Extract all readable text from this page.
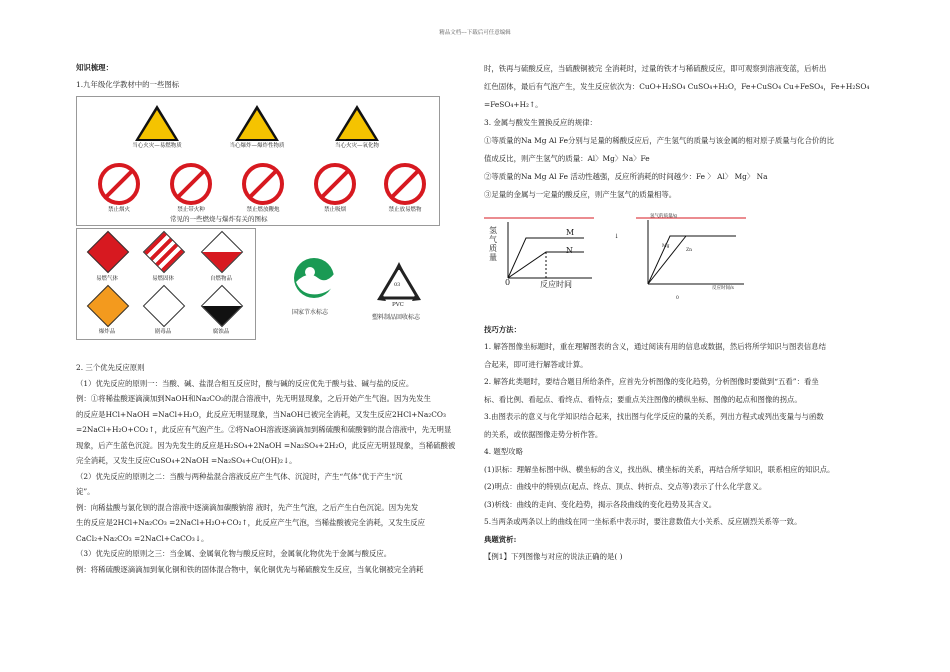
精品文档---下载后可任意编辑
知识梳理：
1.九年级化学教材中的一些图标
当心火灾—易燃物质	当心爆炸—爆炸性物质	当心火灾—氧化物
禁止烟火	禁止带火种	禁止燃放鞭炮	禁止吸烟	禁止放易燃物
常见的一些燃烧与爆炸有关的图标
易燃气体	易燃固体	自燃物品
爆炸品	剧毒品	腐蚀品
国家节水标志
03
PVC
塑料制品回收标志
2. 三个优先反应原则
（1）优先反应的原则一：当酸、碱、盐混合相互反应时，酸与碱的反应优先于酸与盐、碱与盐的反应。
例：①将稀盐酸逐滴滴加到NaOH和Na₂CO₃的混合溶液中，先无明显现象，之后开始产生气泡。因为先发生
的反应是HCl+NaOH =NaCl+H₂O，此反应无明显现象，当NaOH已被完全消耗，又发生反应2HCl+Na₂CO₃
=2NaCl+H₂O+CO₂↑，此反应有气泡产生。②将NaOH溶液逐滴滴加到稀硫酸和硫酸铜的混合溶液中，先无明显
现象，后产生蓝色沉淀。因为先发生的反应是H₂SO₄+2NaOH =Na₂SO₄+2H₂O，此反应无明显现象，当稀硫酸被
完全消耗，又发生反应CuSO₄+2NaOH =Na₂SO₄+Cu(OH)₂↓。
（2）优先反应的原则之二：当酸与两种盐混合溶液反应产生气体、沉淀时，产生“气体”优于产生“沉
淀”。
例：向稀盐酸与氯化钡的混合溶液中逐滴滴加碳酸钠溶 液时，先产生气泡，之后产生白色沉淀。因为先发
生的反应是2HCl+Na₂CO₃ =2NaCl+H₂O+CO₂↑，此反应产生气泡，当稀盐酸被完全消耗，又发生反应
CaCl₂+Na₂CO₃ =2NaCl+CaCO₃↓。
（3）优先反应的原则之三：当金属、金属氧化物与酸反应时，金属氧化物优先于金属与酸反应。
例：将稀硫酸逐滴滴加到氧化铜和铁的固体混合物中，氧化铜优先与稀硫酸发生反应，当氧化铜被完全消耗
时，铁再与硫酸反应，当硫酸铜被完 全消耗时，过量的铁才与稀硫酸反应，即可观察到溶液变蓝，后析出
红色固体，最后有气泡产生，发生反应依次为：CuO+H₂SO₄ CuSO₄+H₂O，Fe+CuSO₄ Cu+FeSO₄，Fe+H₂SO₄
=FeSO₄+H₂↑。
3. 金属与酸发生置换反应的规律：
①等质量的Na Mg Al Fe分别与足量的稀酸反应后，产生氢气的质量与该金属的相对原子质量与化合价的比
值成反比，则产生氢气的质量：Al〉Mg〉Na〉Fe
②等质量的Na Mg Al Fe 活动性越强，反应所消耗的时间越少：Fe 〉 Al〉 Mg〉 Na
③足量的金属与一定量的酸反应，则产生氢气的质量相等。
氢气质量
M
N
0	反应时间
↓
氢气的质量/g
Mg
Zn
反应时间/s
0
技巧方法：
1. 解答图像坐标题时，重在理解图表的含义，通过阅读有用的信息或数据，然后将所学知识与图表信息结
合起来，即可进行解答或计算。
2. 解答此类题时，要结合题目所给条件，应首先分析图像的变化趋势，分析图像时要做到“五看”：看坐
标、看比例、看起点、看终点、看特点；要重点关注图像的横纵坐标、图像的起点和图像的拐点。
3.由图表示的意义与化学知识结合起来，找出图与化学反应的量的关系，列出方程式或列出变量与与函数
的关系，或依据图像走势分析作答。
4. 题型攻略
(1)识标：理解坐标图中纵、横坐标的含义，找出纵、横坐标的关系，再结合所学知识，联系相应的知识点。
(2)明点：曲线中的特别点(起点、终点、顶点、转折点、交点等)表示了什么化学意义。
(3)析线：曲线的走向、变化趋势，揭示各段曲线的变化趋势及其含义。
5.当两条或两条以上的曲线在同一坐标系中表示时，要注意数值大小关系、反应剧烈关系等一致。
典题赏析:
【例1】下列图像与对应的说法正确的是( )
